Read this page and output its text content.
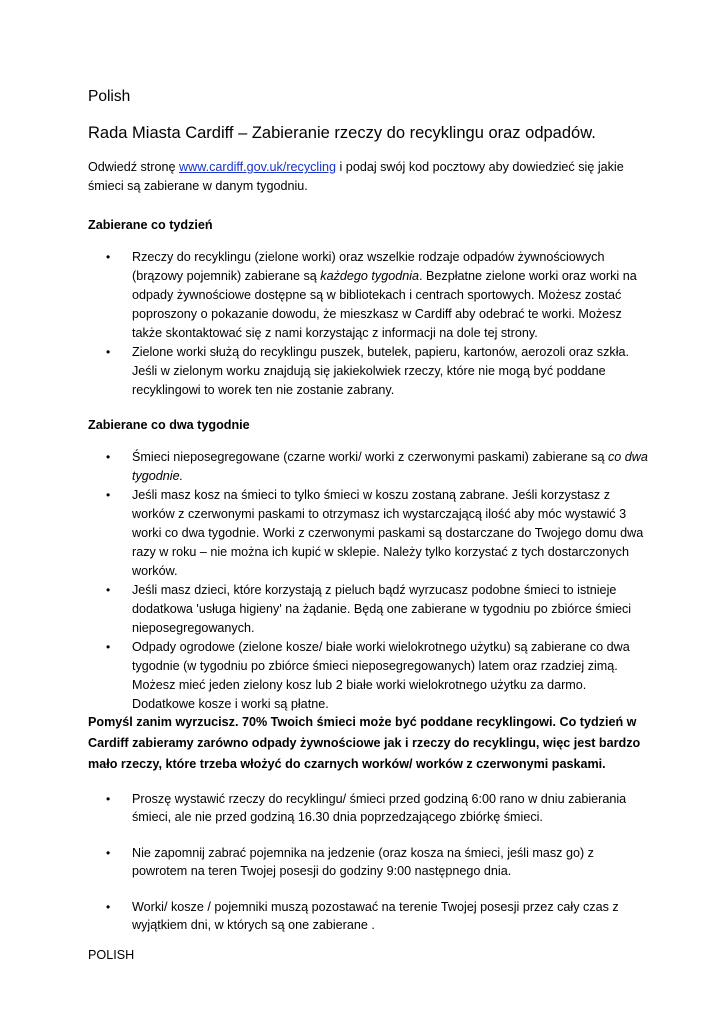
Polish
Rada Miasta Cardiff – Zabieranie rzeczy do recyklingu oraz odpadów.

Odwiedź stronę www.cardiff.gov.uk/recycling i podaj swój kod pocztowy aby dowiedzieć się jakie śmieci są zabierane w danym tygodniu.

Zabierane co tydzień
• Rzeczy do recyklingu (zielone worki) oraz wszelkie rodzaje odpadów żywnościowych (brązowy pojemnik) zabierane są każdego tygodnia. Bezpłatne zielone worki oraz worki na odpady żywnościowe dostępne są w bibliotekach i centrach sportowych. Możesz zostać poproszony o pokazanie dowodu, że mieszkasz w Cardiff aby odebrać te worki. Możesz także skontaktować się z nami korzystając z informacji na dole tej strony.
• Zielone worki służą do recyklingu puszek, butelek, papieru, kartonów, aerozoli oraz szkła. Jeśli w zielonym worku znajdują się jakiekolwiek rzeczy, które nie mogą być poddane recyklingowi to worek ten nie zostanie zabrany.
Zabierane co dwa tygodnie
• Śmieci nieposegregowane (czarne worki/ worki z czerwonymi paskami) zabierane są co dwa tygodnie.
• Jeśli masz kosz na śmieci to tylko śmieci w koszu zostaną zabrane. Jeśli korzystasz z worków z czerwonymi paskami to otrzymasz ich wystarczającą ilość aby móc wystawić 3 worki co dwa tygodnie. Worki z czerwonymi paskami są dostarczane do Twojego domu dwa razy w roku – nie można ich kupić w sklepie. Należy tylko korzystać z tych dostarczonych worków.
• Jeśli masz dzieci, które korzystają z pieluch bądź wyrzucasz podobne śmieci to istnieje dodatkowa 'usługa higieny' na żądanie. Będą one zabierane w tygodniu po zbiórce śmieci nieposegregowanych.
• Odpady ogrodowe (zielone kosze/ białe worki wielokrotnego użytku) są zabierane co dwa tygodnie (w tygodniu po zbiórce śmieci nieposegregowanych) latem oraz rzadziej zimą. Możesz mieć jeden zielony kosz lub 2 białe worki wielokrotnego użytku za darmo. Dodatkowe kosze i worki są płatne.

Pomyśl zanim wyrzucisz. 70% Twoich śmieci może być poddane recyklingowi. Co tydzień w Cardiff zabieramy zarówno odpady żywnościowe jak i rzeczy do recyklingu, więc jest bardzo mało rzeczy, które trzeba włożyć do czarnych worków/ worków z czerwonymi paskami.

• Proszę wystawić rzeczy do recyklingu/ śmieci przed godziną 6:00 rano w dniu zabierania śmieci, ale nie przed godziną 16.30 dnia poprzedzającego zbiórkę śmieci.
• Nie zapomnij zabrać pojemnika na jedzenie (oraz kosza na śmieci, jeśli masz go) z powrotem na teren Twojej posesji do godziny 9:00 następnego dnia.
• Worki/ kosze / pojemniki muszą pozostawać na terenie Twojej posesji przez cały czas z wyjątkiem dni, w których są one zabierane .
POLISH
